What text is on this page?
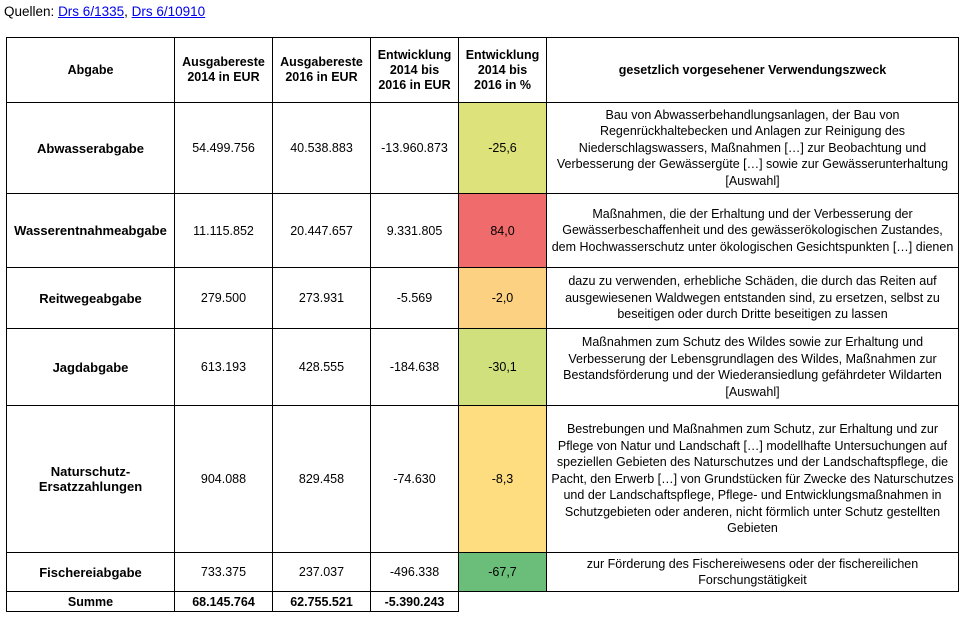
Quellen: Drs 6/1335, Drs 6/10910
Abgabe	Ausgabereste 2014 in EUR	Ausgabereste 2016 in EUR	Entwicklung 2014 bis 2016 in EUR	Entwicklung 2014 bis 2016 in %	gesetzlich vorgesehener Verwendungszweck
Abwasserabgabe	54.499.756	40.538.883	-13.960.873	-25,6	Bau von Abwasserbehandlungsanlagen, der Bau von Regenrückhaltebecken und Anlagen zur Reinigung des Niederschlagswassers, Maßnahmen […] zur Beobachtung und Verbesserung der Gewässergüte […] sowie zur Gewässerunterhaltung [Auswahl]
Wasserentnahmeabgabe	11.115.852	20.447.657	9.331.805	84,0	Maßnahmen, die der Erhaltung und der Verbesserung der Gewässerbeschaffenheit und des gewässerökologischen Zustandes, dem Hochwasserschutz unter ökologischen Gesichtspunkten […] dienen
Reitwegeabgabe	279.500	273.931	-5.569	-2,0	dazu zu verwenden, erhebliche Schäden, die durch das Reiten auf ausgewiesenen Waldwegen entstanden sind, zu ersetzen, selbst zu beseitigen oder durch Dritte beseitigen zu lassen
Jagdabgabe	613.193	428.555	-184.638	-30,1	Maßnahmen zum Schutz des Wildes sowie zur Erhaltung und Verbesserung der Lebensgrundlagen des Wildes, Maßnahmen zur Bestandsförderung und der Wiederansiedlung gefährdeter Wildarten [Auswahl]
Naturschutz-Ersatzzahlungen	904.088	829.458	-74.630	-8,3	Bestrebungen und Maßnahmen zum Schutz, zur Erhaltung und zur Pflege von Natur und Landschaft […] modellhafte Untersuchungen auf speziellen Gebieten des Naturschutzes und der Landschaftspflege, die Pacht, den Erwerb […] von Grundstücken für Zwecke des Naturschutzes und der Landschaftspflege, Pflege- und Entwicklungsmaßnahmen in Schutzgebieten oder anderen, nicht förmlich unter Schutz gestellten Gebieten
Fischereiabgabe	733.375	237.037	-496.338	-67,7	zur Förderung des Fischereiwesens oder der fischereilichen Forschungstätigkeit
Summe	68.145.764	62.755.521	-5.390.243		
